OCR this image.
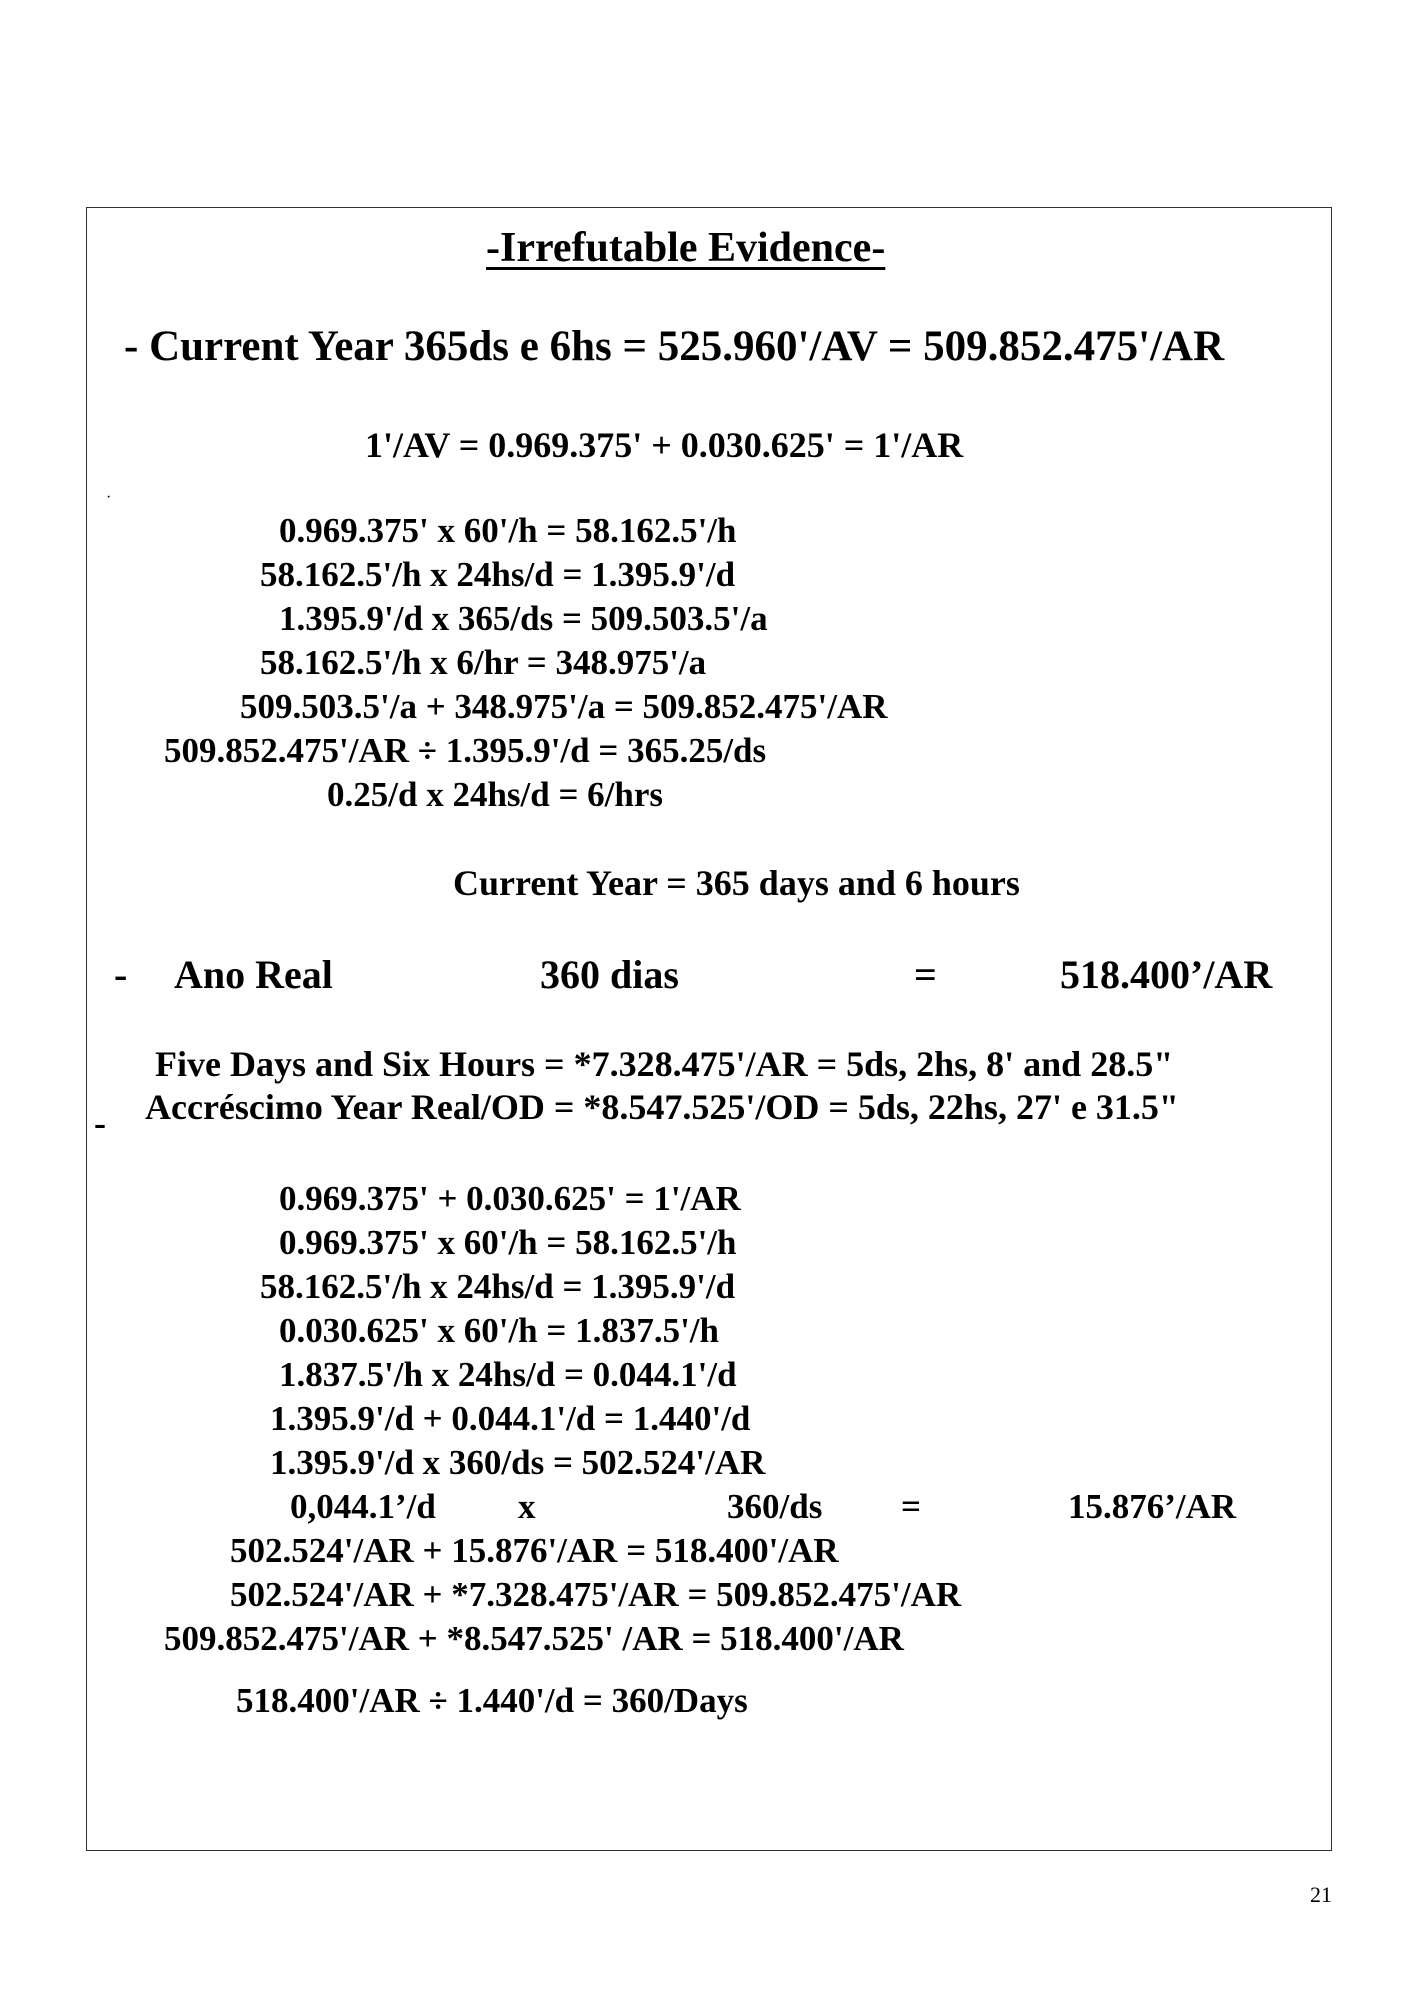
-Irrefutable Evidence-
- Current Year 365ds e 6hs = 525.960'/AV = 509.852.475'/AR
1'/AV = 0.969.375' + 0.030.625' = 1'/AR
·
0.969.375' x 60'/h = 58.162.5'/h
58.162.5'/h x 24hs/d = 1.395.9'/d
1.395.9'/d x 365/ds = 509.503.5'/a
58.162.5'/h x 6/hr = 348.975'/a
509.503.5'/a + 348.975'/a = 509.852.475'/AR
509.852.475'/AR ÷ 1.395.9'/d = 365.25/ds
0.25/d x 24hs/d = 6/hrs
Current Year = 365 days and 6 hours
- Ano Real	360 dias	=	518.400’/AR
Five Days and Six Hours = *7.328.475'/AR = 5ds, 2hs, 8' and 28.5"
- Accréscimo Year Real/OD = *8.547.525'/OD = 5ds, 22hs, 27' e 31.5"
0.969.375' + 0.030.625' = 1'/AR
0.969.375' x 60'/h = 58.162.5'/h
58.162.5'/h x 24hs/d = 1.395.9'/d
0.030.625' x 60'/h = 1.837.5'/h
1.837.5'/h x 24hs/d = 0.044.1'/d
1.395.9'/d + 0.044.1'/d = 1.440'/d
1.395.9'/d x 360/ds = 502.524'/AR
0,044.1’/d x	360/ds =	15.876’/AR
502.524'/AR + 15.876'/AR = 518.400'/AR
502.524'/AR + *7.328.475'/AR = 509.852.475'/AR
509.852.475'/AR + *8.547.525' /AR = 518.400'/AR
518.400'/AR ÷ 1.440'/d = 360/Days
21
